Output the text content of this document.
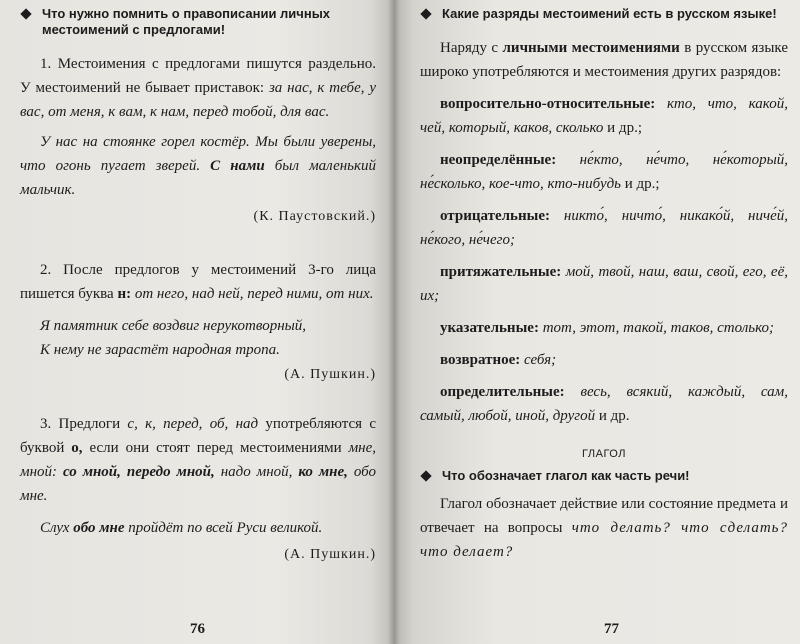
Что нужно помнить о правописании личных местоимений с предлогами!

1. Местоимения с предлогами пишутся раздельно. У местоимений не бывает приставок: за нас, к тебе, у вас, от меня, к вам, к нам, перед тобой, для вас.

У нас на стоянке горел костёр. Мы были уверены, что огонь пугает зверей. С нами был маленький мальчик.

(К. Паустовский.)

2. После предлогов у местоимений 3-го лица пишется буква н: от него, над ней, перед ними, от них.

Я памятник себе воздвиг нерукотворный,

К нему не зарастёт народная тропа.

(А. Пушкин.)

3. Предлоги с, к, перед, об, над употребляются с буквой о, если они стоят перед местоимениями мне, мной: со мной, передо мной, надо мной, ко мне, обо мне.

Слух обо мне пройдёт по всей Руси великой.

(А. Пушкин.)

76
Какие разряды местоимений есть в русском языке!

Наряду с личными местоимениями в русском языке широко употребляются и местоимения других разрядов:

вопросительно-относительные: кто, что, какой, чей, который, каков, сколько и др.;

неопределённые: не́кто, не́что, не́который, не́сколько, кое-что, кто-нибудь и др.;

отрицательные: никто́, ничто́, никако́й, ниче́й, не́кого, не́чего;

притяжательные: мой, твой, наш, ваш, свой, его, её, их;

указательные: тот, этот, такой, таков, столько;

возвратное: себя;

определительные: весь, всякий, каждый, сам, самый, любой, иной, другой и др.

ГЛАГОЛ
Что обозначает глагол как часть речи!

Глагол обозначает действие или состояние предмета и отвечает на вопросы что делать? что сделать? что делает?

77
